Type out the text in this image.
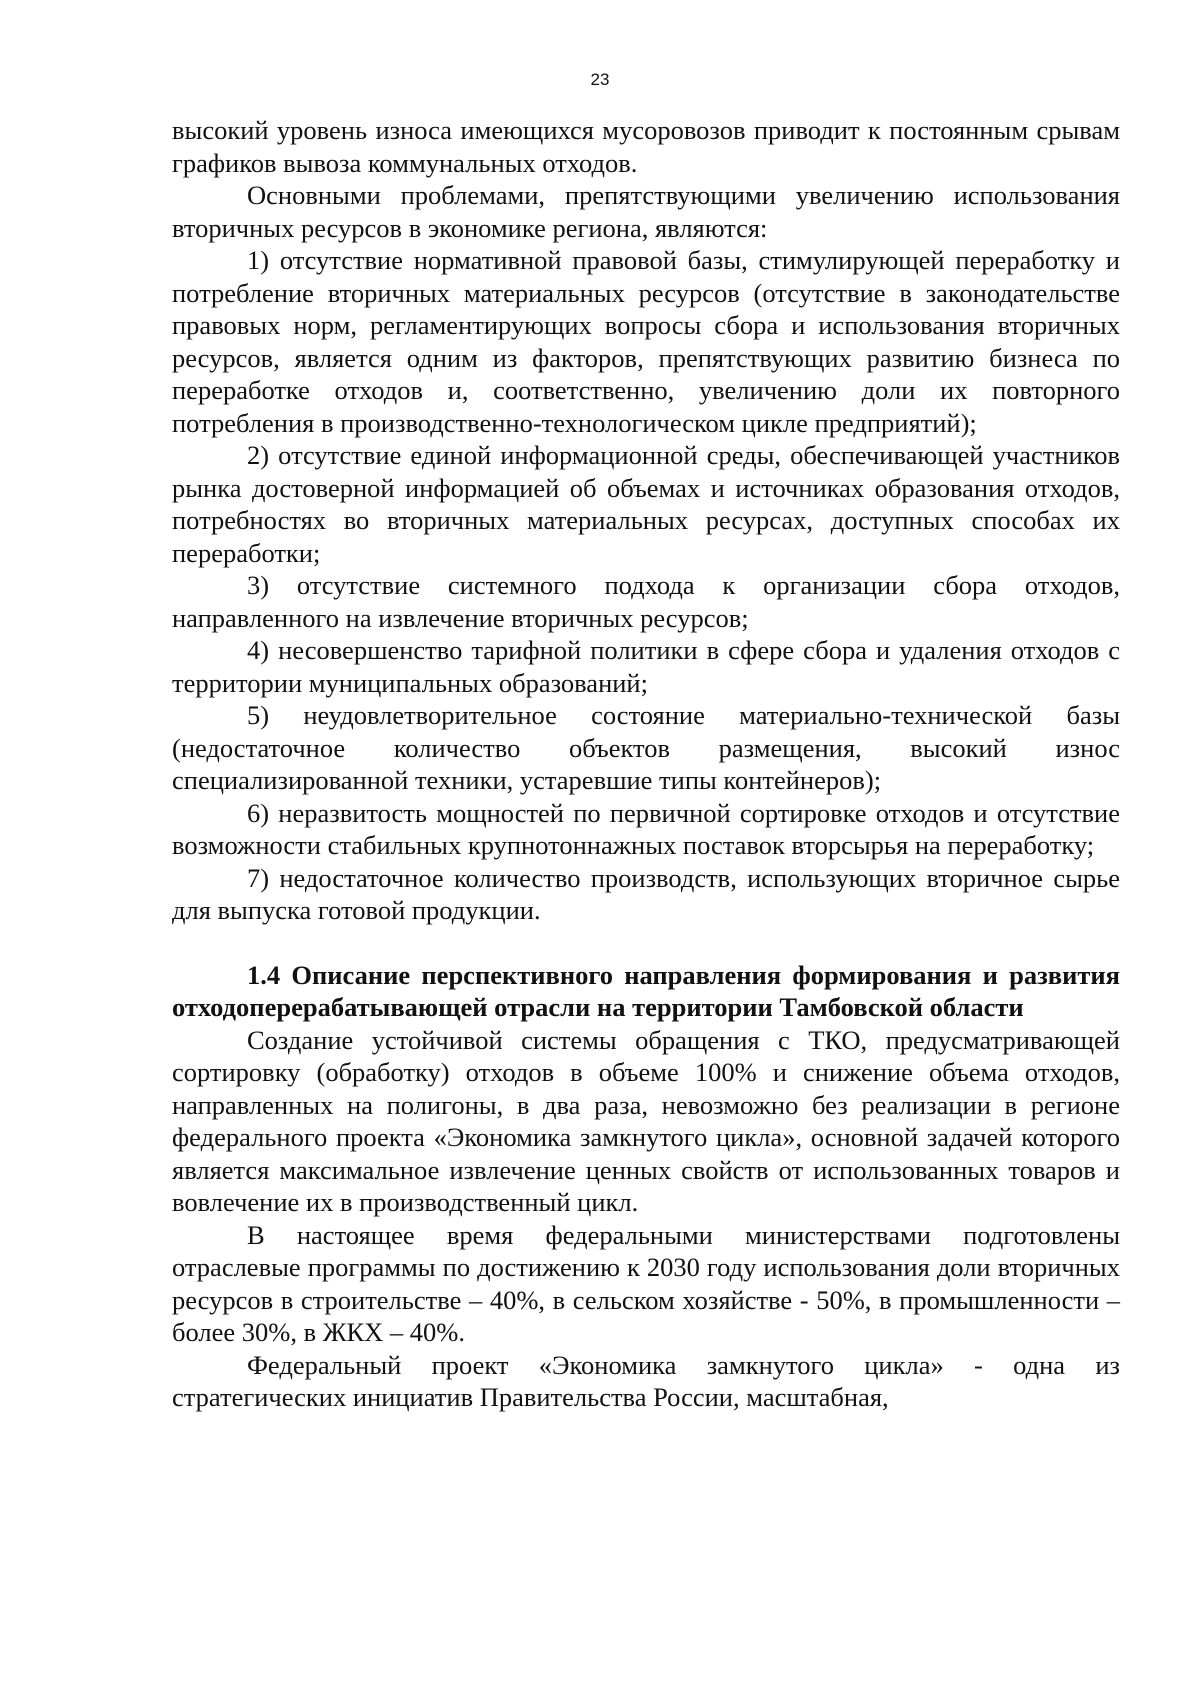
23

высокий уровень износа имеющихся мусоровозов приводит к постоянным срывам графиков вывоза коммунальных отходов.

Основными проблемами, препятствующими увеличению использования вторичных ресурсов в экономике региона, являются:

1) отсутствие нормативной правовой базы, стимулирующей переработку и потребление вторичных материальных ресурсов (отсутствие в законодательстве правовых норм, регламентирующих вопросы сбора и использования вторичных ресурсов, является одним из факторов, препятствующих развитию бизнеса по переработке отходов и, соответственно, увеличению доли их повторного потребления в производственно-технологическом цикле предприятий);

2) отсутствие единой информационной среды, обеспечивающей участников рынка достоверной информацией об объемах и источниках образования отходов, потребностях во вторичных материальных ресурсах, доступных способах их переработки;

3) отсутствие системного подхода к организации сбора отходов, направленного на извлечение вторичных ресурсов;

4) несовершенство тарифной политики в сфере сбора и удаления отходов с территории муниципальных образований;

5) неудовлетворительное состояние материально-технической базы (недостаточное количество объектов размещения, высокий износ специализированной техники, устаревшие типы контейнеров);

6) неразвитость мощностей по первичной сортировке отходов и отсутствие возможности стабильных крупнотоннажных поставок вторсырья на переработку;

7) недостаточное количество производств, использующих вторичное сырье для выпуска готовой продукции.

1.4 Описание перспективного направления формирования и развития отходоперерабатывающей отрасли на территории Тамбовской области

Создание устойчивой системы обращения с ТКО, предусматривающей сортировку (обработку) отходов в объеме 100% и снижение объема отходов, направленных на полигоны, в два раза, невозможно без реализации в регионе федерального проекта «Экономика замкнутого цикла», основной задачей которого является максимальное извлечение ценных свойств от использованных товаров и вовлечение их в производственный цикл.

В настоящее время федеральными министерствами подготовлены отраслевые программы по достижению к 2030 году использования доли вторичных ресурсов в строительстве – 40%, в сельском хозяйстве - 50%, в промышленности – более 30%, в ЖКХ – 40%.

Федеральный проект «Экономика замкнутого цикла» - одна из стратегических инициатив Правительства России, масштабная,
